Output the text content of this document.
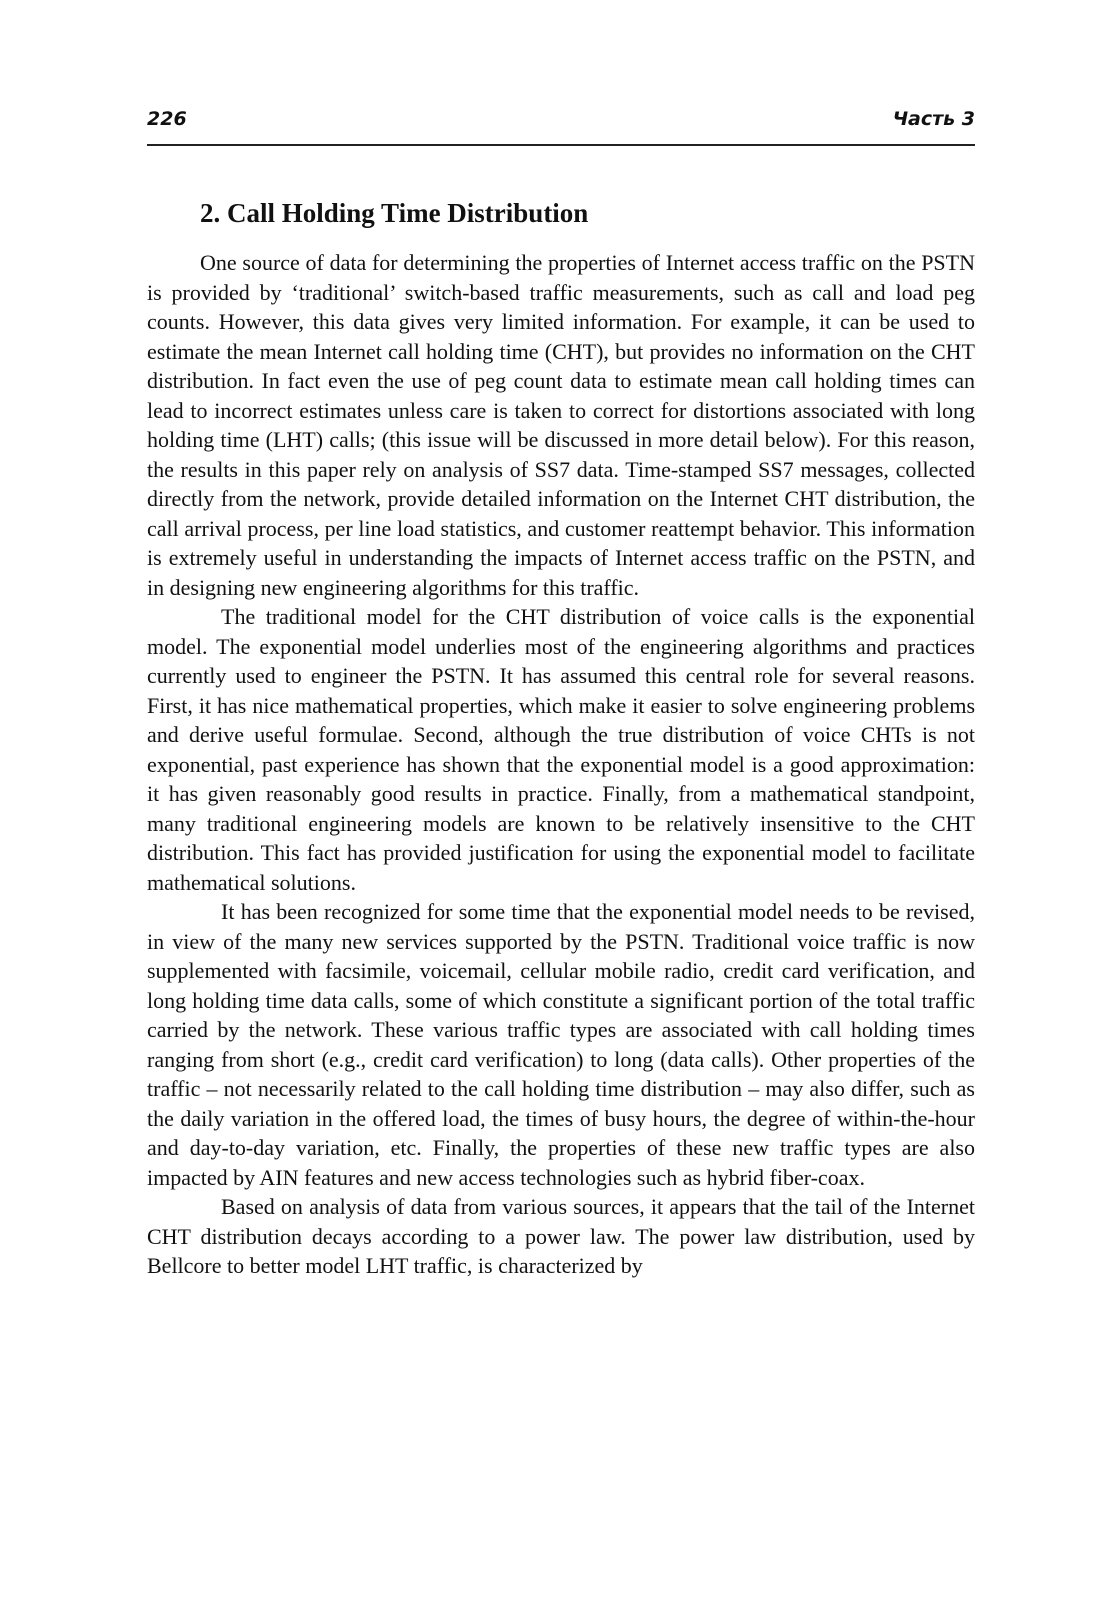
226	Часть 3
2. Call Holding Time Distribution

One source of data for determining the properties of Internet access traffic on the PSTN is provided by ‘traditional’ switch-based traffic measurements, such as call and load peg counts. However, this data gives very limited information. For example, it can be used to estimate the mean Internet call holding time (CHT), but provides no information on the CHT distribution. In fact even the use of peg count data to estimate mean call holding times can lead to incorrect estimates unless care is taken to correct for distortions associated with long holding time (LHT) calls; (this issue will be discussed in more detail below). For this reason, the results in this paper rely on analysis of SS7 data. Time-stamped SS7 messages, collected directly from the network, provide detailed information on the Internet CHT distribution, the call arrival process, per line load statistics, and customer reattempt behavior. This information is extremely useful in understanding the impacts of Internet access traffic on the PSTN, and in designing new engineering algorithms for this traffic.

The traditional model for the CHT distribution of voice calls is the exponential model. The exponential model underlies most of the engineering algorithms and practices currently used to engineer the PSTN. It has assumed this central role for several reasons. First, it has nice mathematical properties, which make it easier to solve engineering problems and derive useful formulae. Second, although the true distribution of voice CHTs is not exponential, past experience has shown that the exponential model is a good approximation: it has given reasonably good results in practice. Finally, from a mathematical standpoint, many traditional engineering models are known to be relatively insensitive to the CHT distribution. This fact has provided justification for using the exponential model to facilitate mathematical solutions.

It has been recognized for some time that the exponential model needs to be revised, in view of the many new services supported by the PSTN. Traditional voice traffic is now supplemented with facsimile, voicemail, cellular mobile radio, credit card verification, and long holding time data calls, some of which constitute a significant portion of the total traffic carried by the network. These various traffic types are associated with call holding times ranging from short (e.g., credit card verification) to long (data calls). Other properties of the traffic – not necessarily related to the call holding time distribution – may also differ, such as the daily variation in the offered load, the times of busy hours, the degree of within-the-hour and day-to-day variation, etc. Finally, the properties of these new traffic types are also impacted by AIN features and new access technologies such as hybrid fiber-coax.

Based on analysis of data from various sources, it appears that the tail of the Internet CHT distribution decays according to a power law. The power law distribution, used by Bellcore to better model LHT traffic, is characterized by
